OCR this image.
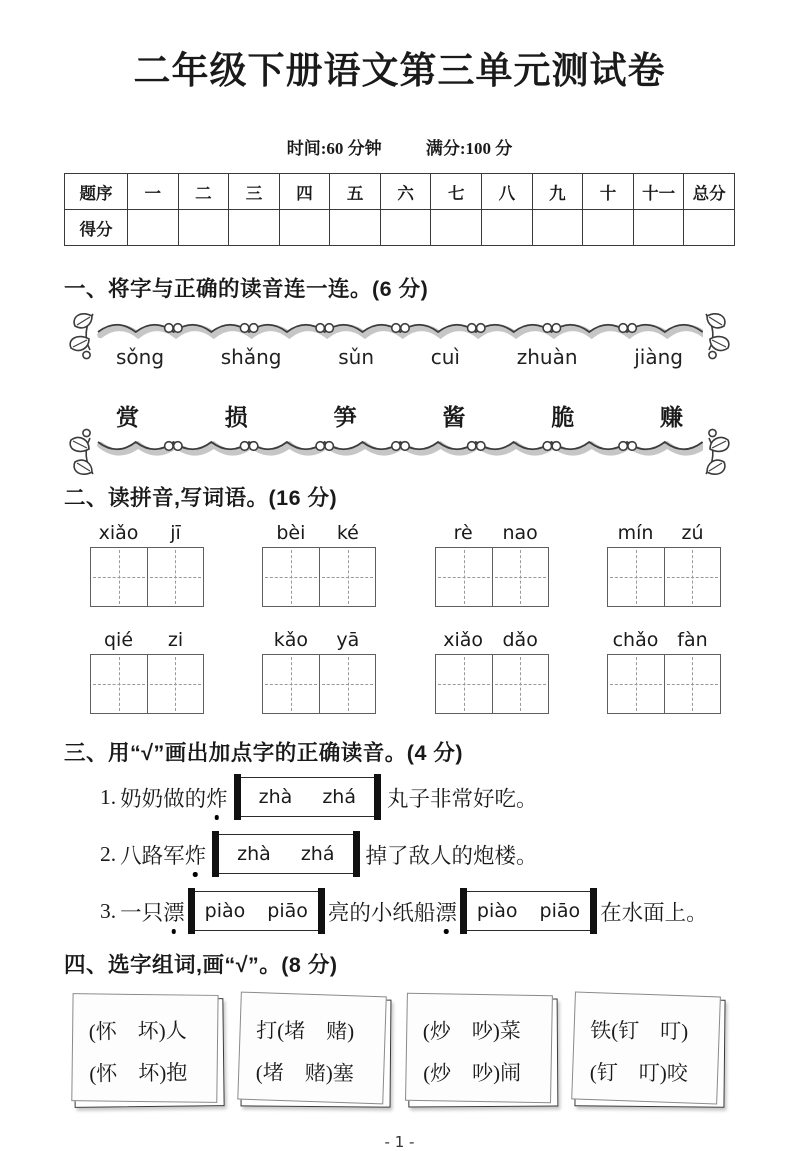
二年级下册语文第三单元测试卷
时间:60 分钟	满分:100 分
题序	一	二	三	四	五	六	七	八	九	十	十一	总分
得分												
一、将字与正确的读音连一连。(6 分)
sǒng	shǎng	sǔn	cuì	zhuàn	jiàng
赏	损	笋	酱	脆	赚
二、读拼音,写词语。(16 分)
xiǎo	jī	bèi	ké	rè	nao	mín	zú
qié	zi	kǎo	yā	xiǎo	dǎo	chǎo fàn
三、用“√”画出加点字的正确读音。(4 分)
1. 奶奶做的 炸 zhà zhá 丸子非常好吃。
2. 八路军 炸 zhà zhá 掉了敌人的炮楼。
3. 一只 漂 piào piāo 亮的小纸船 漂 piào piāo 在水面上。
四、选字组词,画“√”。(8 分)
(怀　坏)人
(怀　坏)抱
打(堵　赌)
(堵　赌)塞
(炒　吵)菜
(炒　吵)闹
铁(钉　叮)
(钉　叮)咬
- 1 -
